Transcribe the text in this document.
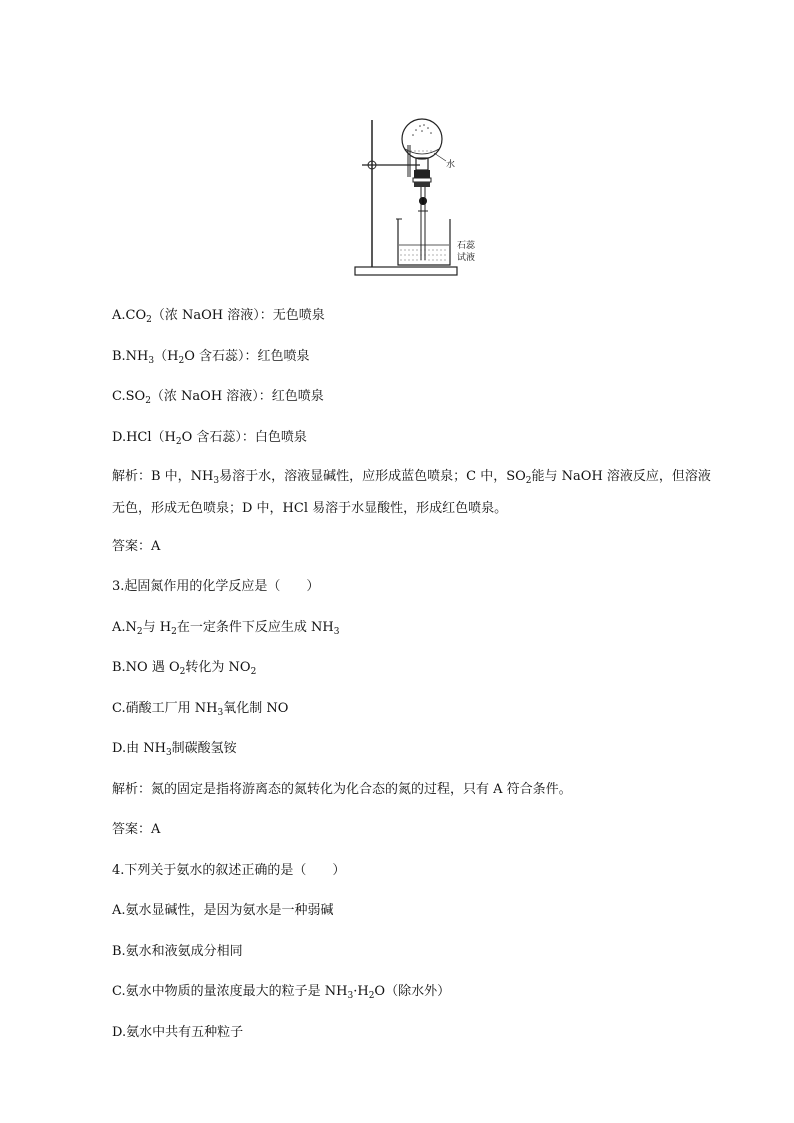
水
石蕊
试液
$A.CO_2$（浓 NaOH 溶液）：无色喷泉
$B.NH_3(H_2O$ 含石蕊）：红色喷泉
$C.SO_2$（浓 NaOH 溶液）：红色喷泉
$D.HCl(H_2O$ 含石蕊）：白色喷泉
解析：B 中，$NH_3$易溶于水，溶液显碱性，应形成蓝色喷泉；C 中，$SO_2$能与 NaOH 溶液反应，但溶液无色，形成无色喷泉；D 中，HCl 易溶于水显酸性，形成红色喷泉。
答案：A
3.起固氮作用的化学反应是（　　）
$A.N_2$与 $H_2$在一定条件下反应生成 $NH_3$
B.NO 遇 $O_2$转化为 $NO_2$
C.硝酸工厂用 $NH_3$氧化制 NO
D.由 $NH_3$制碳酸氢铵
解析：氮的固定是指将游离态的氮转化为化合态的氮的过程，只有 A 符合条件。
答案：A
4.下列关于氨水的叙述正确的是（　　）
A.氨水显碱性，是因为氨水是一种弱碱
B.氨水和液氨成分相同
C.氨水中物质的量浓度最大的粒子是 $NH_3\cdot H_2O$（除水外）
D.氨水中共有五种粒子
